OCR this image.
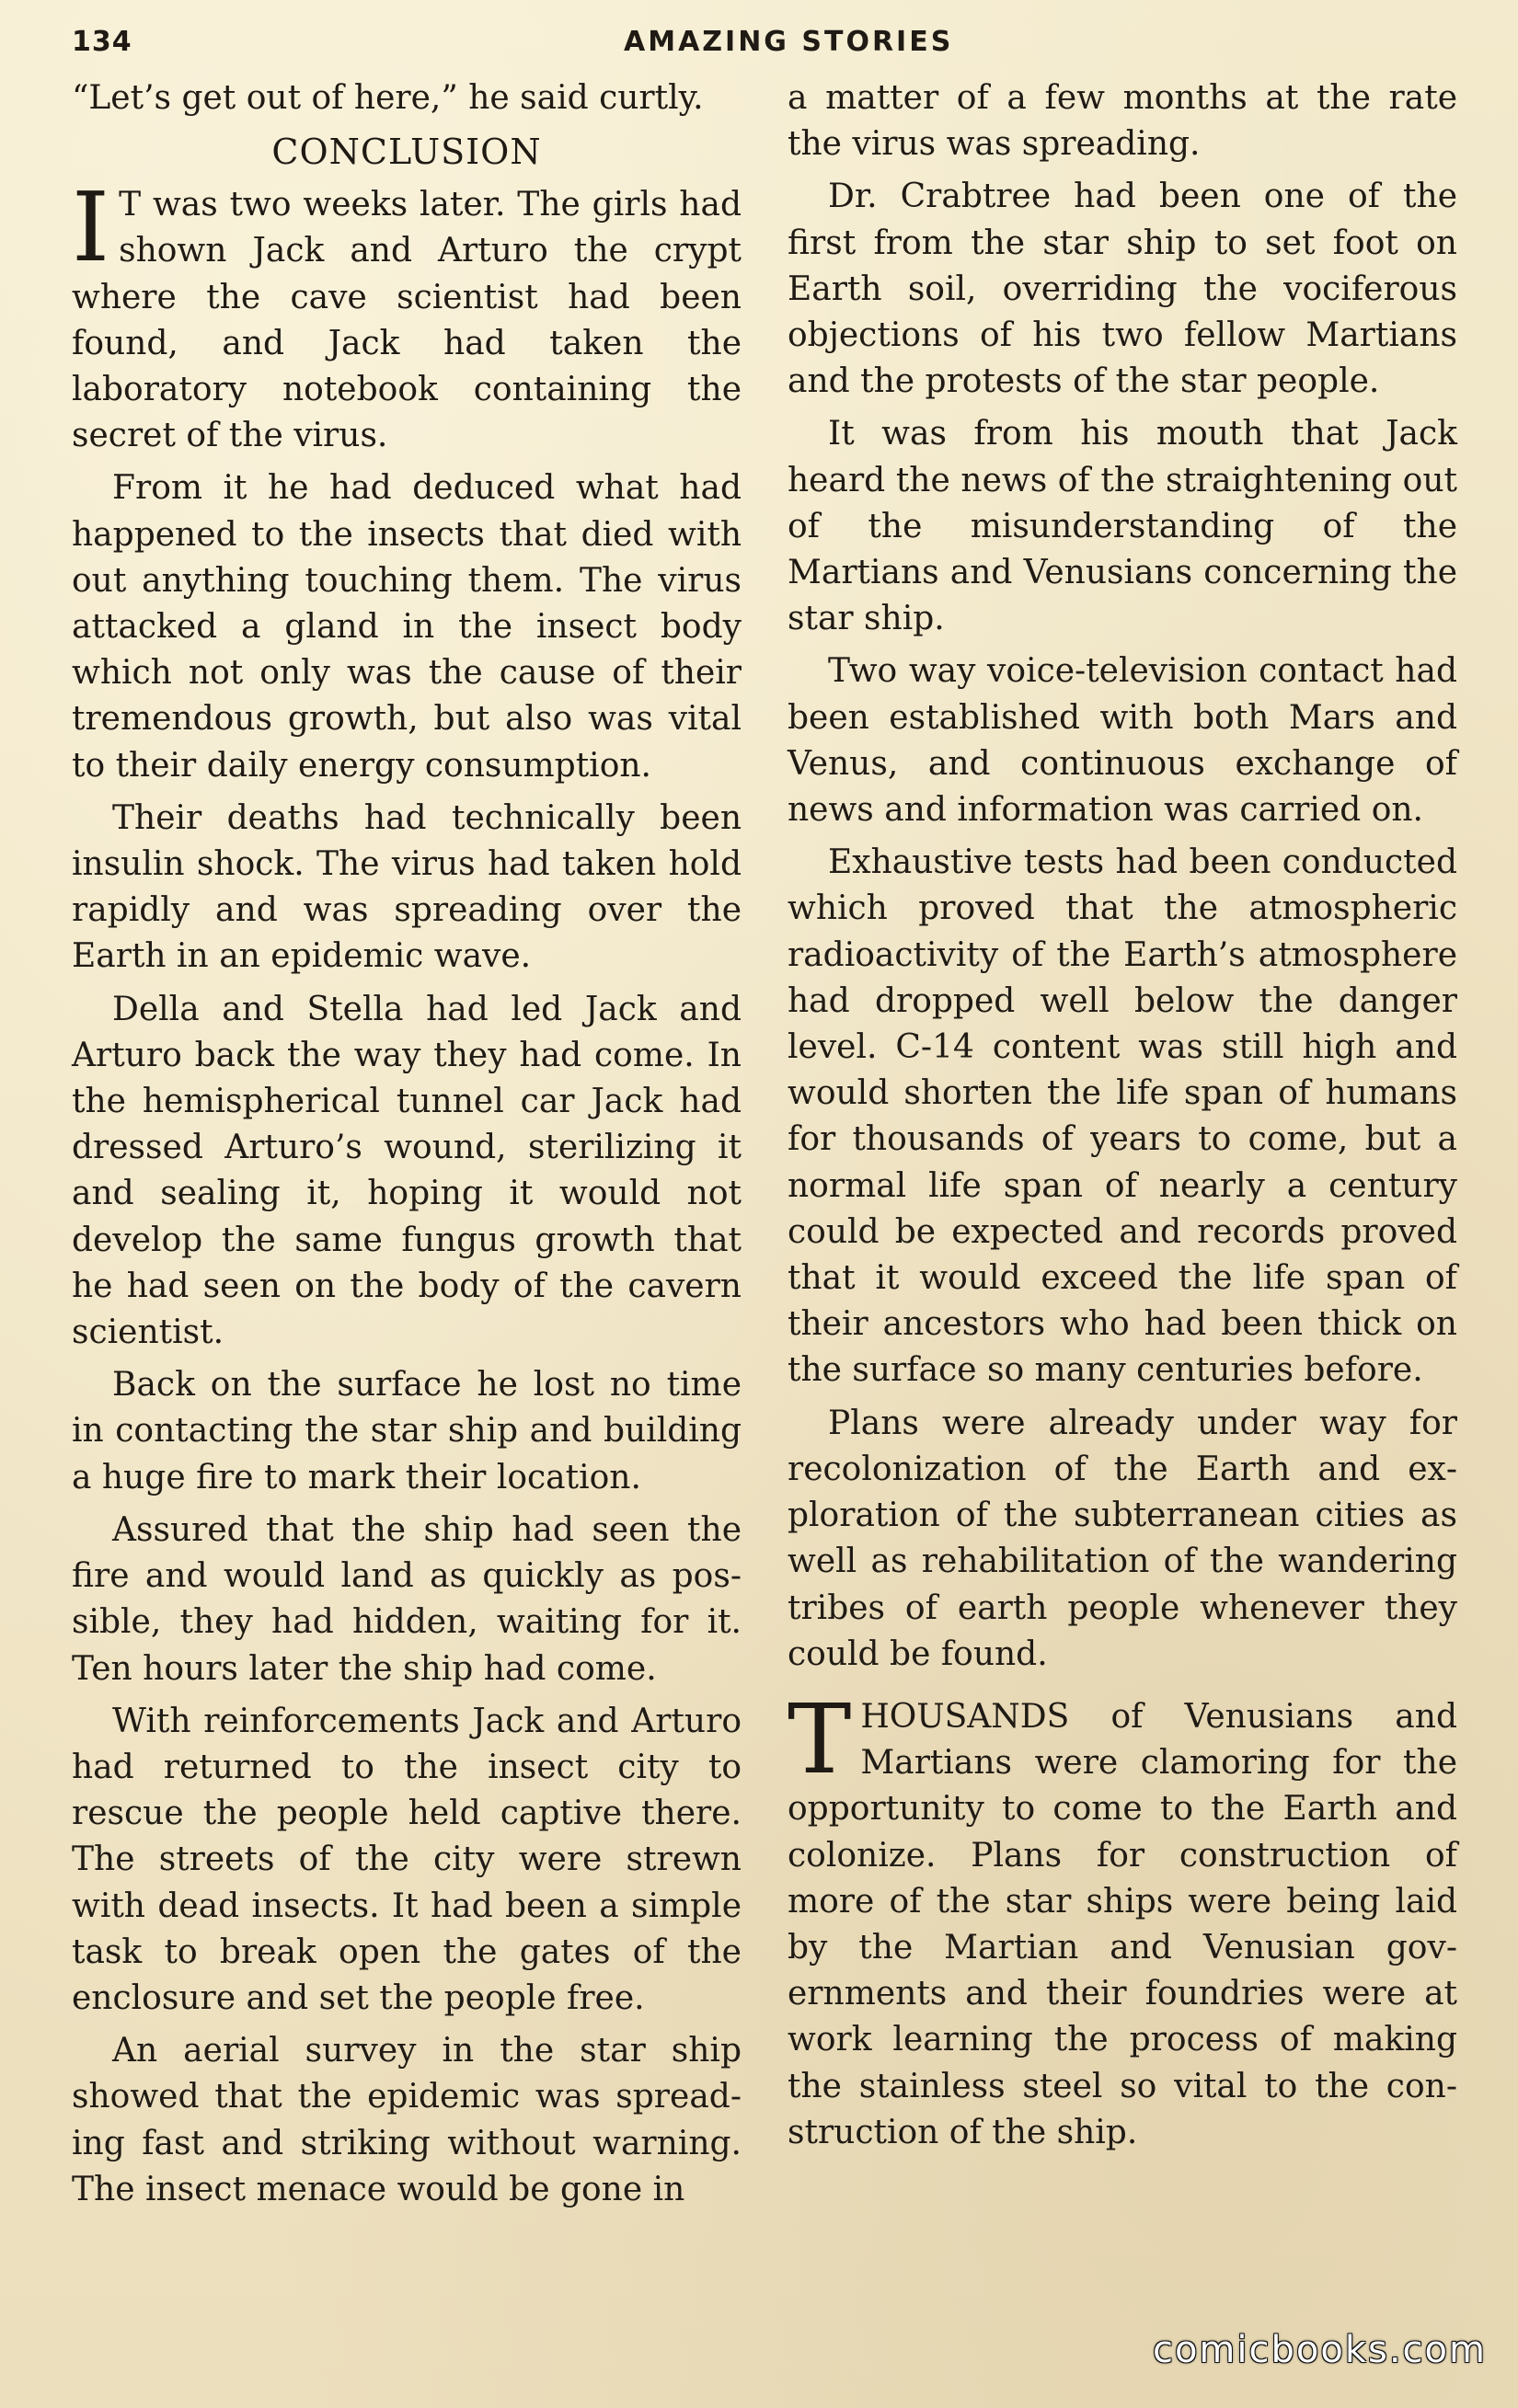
134	AMAZING STORIES

“Let’s get out of here,” he said curtly.

CONCLUSION

I T was two weeks later. The girls had shown Jack and Arturo the crypt where the cave scientist had been found, and Jack had taken the laboratory notebook containing the secret of the virus.

From it he had deduced what had happened to the insects that died with out anything touching them. The virus attacked a gland in the insect body which not only was the cause of their tremendous growth, but also was vital to their daily energy consumption.

Their deaths had technically been insulin shock. The virus had taken hold rapidly and was spreading over the Earth in an epidemic wave.

Della and Stella had led Jack and Arturo back the way they had come. In the hemispherical tunnel car Jack had dressed Arturo’s wound, sterilizing it and sealing it, hoping it would not develop the same fungus growth that he had seen on the body of the cavern scientist.

Back on the surface he lost no time in contacting the star ship and building a huge fire to mark their location.

Assured that the ship had seen the fire and would land as quickly as possible, they had hidden, waiting for it. Ten hours later the ship had come.

With reinforcements Jack and Arturo had returned to the insect city to rescue the people held captive there. The streets of the city were strewn with dead insects. It had been a simple task to break open the gates of the enclosure and set the people free.

An aerial survey in the star ship showed that the epidemic was spreading fast and striking without warning. The insect menace would be gone in

a matter of a few months at the rate the virus was spreading.

Dr. Crabtree had been one of the first from the star ship to set foot on Earth soil, overriding the vociferous objections of his two fellow Martians and the protests of the star people.

It was from his mouth that Jack heard the news of the straightening out of the misunderstanding of the Martians and Venusians concerning the star ship.

Two way voice-television contact had been established with both Mars and Venus, and continuous exchange of news and information was carried on.

Exhaustive tests had been conducted which proved that the atmospheric radioactivity of the Earth’s atmosphere had dropped well below the danger level. C-14 content was still high and would shorten the life span of humans for thousands of years to come, but a normal life span of nearly a century could be expected and records proved that it would exceed the life span of their ancestors who had been thick on the surface so many centuries before.

Plans were already under way for recolonization of the Earth and exploration of the subterranean cities as well as rehabilitation of the wandering tribes of earth people whenever they could be found.

THOUSANDS of Venusians and Martians were clamoring for the opportunity to come to the Earth and colonize. Plans for construction of more of the star ships were being laid by the Martian and Venusian governments and their foundries were at work learning the process of making the stainless steel so vital to the construction of the ship.

comicbooks.com
